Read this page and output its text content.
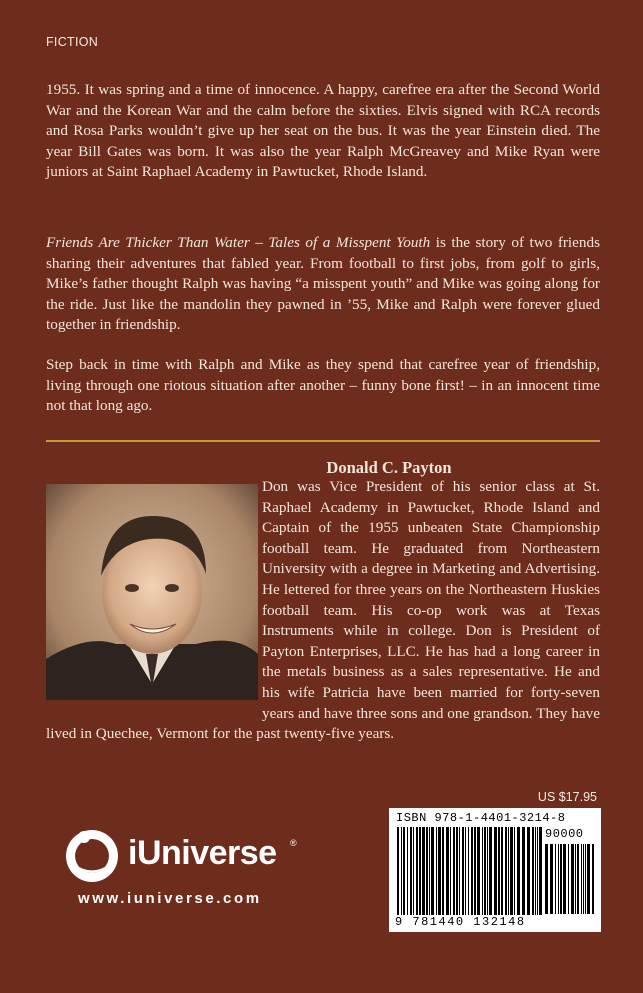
FICTION

1955. It was spring and a time of innocence. A happy, carefree era after the Second World War and the Korean War and the calm before the sixties. Elvis signed with RCA records and Rosa Parks wouldn’t give up her seat on the bus. It was the year Einstein died. The year Bill Gates was born. It was also the year Ralph McGreavey and Mike Ryan were juniors at Saint Raphael Academy in Pawtucket, Rhode Island.

Friends Are Thicker Than Water – Tales of a Misspent Youth is the story of two friends sharing their adventures that fabled year. From football to first jobs, from golf to girls, Mike’s father thought Ralph was having “a misspent youth” and Mike was going along for the ride. Just like the mandolin they pawned in ’55, Mike and Ralph were forever glued together in friendship.

Step back in time with Ralph and Mike as they spend that carefree year of friendship, living through one riotous situation after another – funny bone first! – in an innocent time not that long ago.

Donald C. Payton

Don was Vice President of his senior class at St. Raphael Academy in Pawtucket, Rhode Island and Captain of the 1955 unbeaten State Championship football team. He graduated from Northeastern University with a degree in Marketing and Advertising. He lettered for three years on the Northeastern Huskies football team. His co-op work was at Texas Instruments while in college. Don is President of Payton Enterprises, LLC. He has had a long career in the metals business as a sales representative. He and his wife Patricia have been married for forty-seven years and have three sons and one grandson. They have lived in Quechee, Vermont for the past twenty-five years.

US $17.95
ISBN 978-1-4401-3214-8
90000
9 781440 132148
iUniverse ®
www.iuniverse.com
